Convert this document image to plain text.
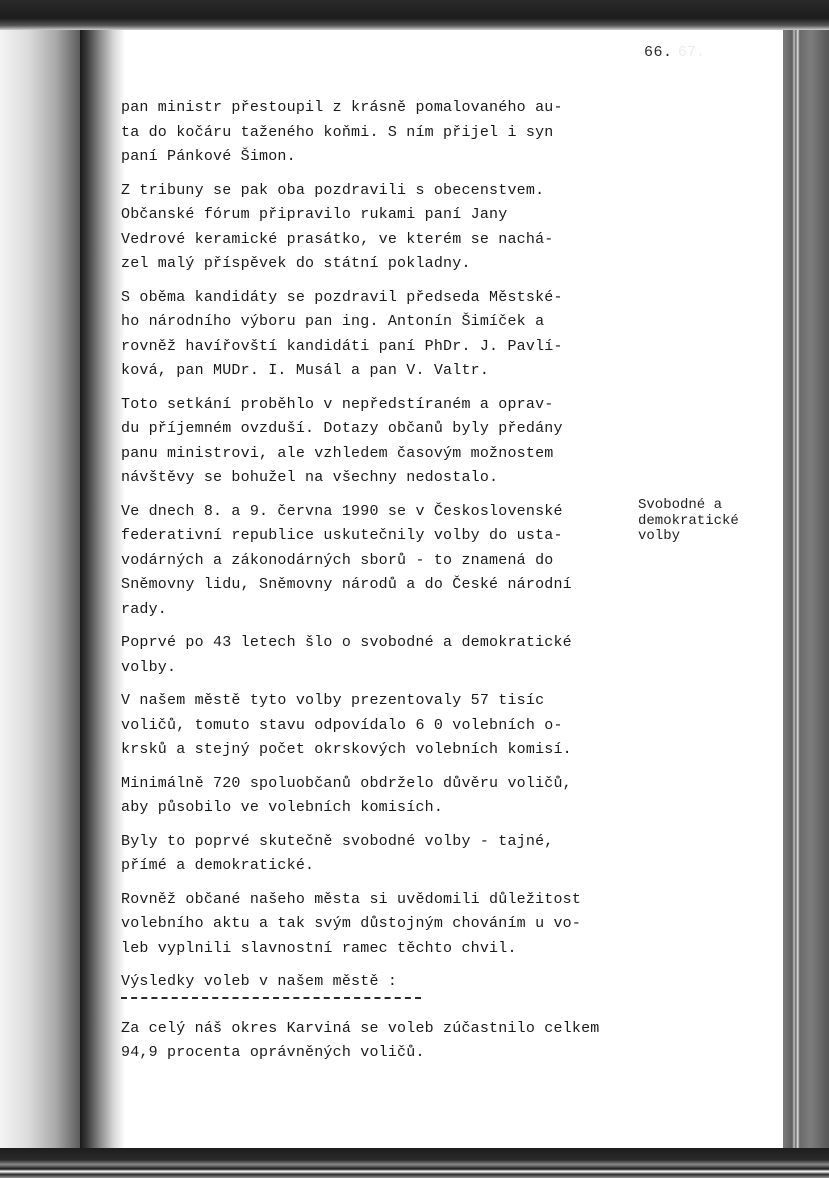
67.
66.
pan ministr přestoupil z krásně pomalovaného au-
ta do kočáru taženého koňmi. S ním přijel i syn
paní Pánkové Šimon.
Z tribuny se pak oba pozdravili s obecenstvem.
Občanské fórum připravilo rukami paní Jany
Vedrové keramické prasátko, ve kterém se nachá-
zel malý příspěvek do státní pokladny.
S oběma kandidáty se pozdravil předseda Městské-
ho národního výboru pan ing. Antonín Šimíček a
rovněž havířovští kandidáti paní PhDr. J. Pavlí-
ková, pan MUDr. I. Musál a pan V. Valtr.
Toto setkání proběhlo v nepředstíraném a oprav-
du příjemném ovzduší. Dotazy občanů byly předány
panu ministrovi, ale vzhledem časovým možnostem
návštěvy se bohužel na všechny nedostalo.
Ve dnech 8. a 9. června 1990 se v Československé
federativní republice uskutečnily volby do usta-
vodárných a zákonodárných sborů - to znamená do
Sněmovny lidu, Sněmovny národů a do České národní
rady.
Poprvé po 43 letech šlo o svobodné a demokratické
volby.
V našem městě tyto volby prezentovaly 57 tisíc
voličů, tomuto stavu odpovídalo 6 0 volebních o-
krsků a stejný počet okrskových volebních komisí.
Minimálně 720 spoluobčanů obdrželo důvěru voličů,
aby působilo ve volebních komisích.
Byly to poprvé skutečně svobodné volby - tajné,
přímé a demokratické.
Rovněž občané našeho města si uvědomili důležitost
volebního aktu a tak svým důstojným chováním u vo-
leb vyplnili slavnostní ramec těchto chvil.
Výsledky voleb v našem městě :
Za celý náš okres Karviná se voleb zúčastnilo celkem
94,9 procenta oprávněných voličů.
Svobodné a
demokratické
volby
